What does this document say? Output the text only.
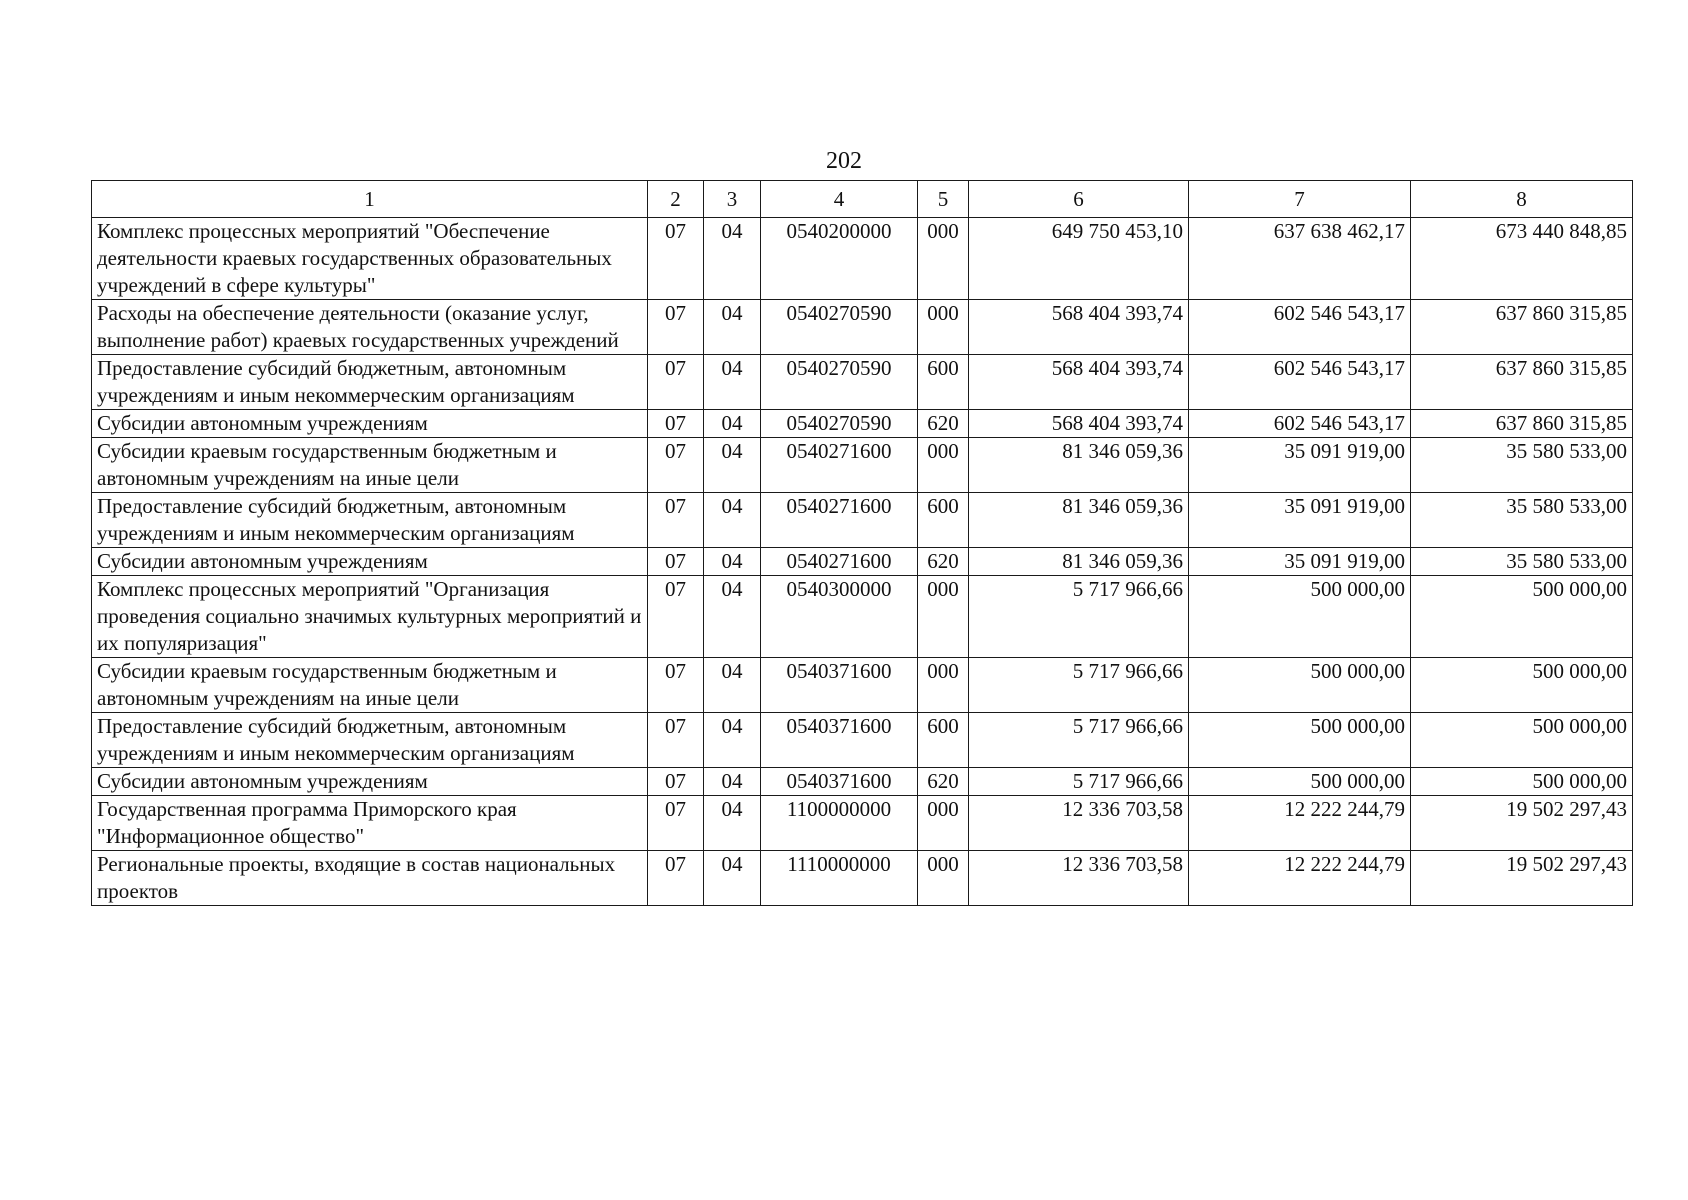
202
1	2	3	4	5	6	7	8
Комплекс процессных мероприятий "Обеспечение деятельности краевых государственных образовательных учреждений в сфере культуры"	07	04	0540200000	000	649 750 453,10	637 638 462,17	673 440 848,85
Расходы на обеспечение деятельности (оказание услуг, выполнение работ) краевых государственных учреждений	07	04	0540270590	000	568 404 393,74	602 546 543,17	637 860 315,85
Предоставление субсидий бюджетным, автономным учреждениям и иным некоммерческим организациям	07	04	0540270590	600	568 404 393,74	602 546 543,17	637 860 315,85
Субсидии автономным учреждениям	07	04	0540270590	620	568 404 393,74	602 546 543,17	637 860 315,85
Субсидии краевым государственным бюджетным и автономным учреждениям на иные цели	07	04	0540271600	000	81 346 059,36	35 091 919,00	35 580 533,00
Предоставление субсидий бюджетным, автономным учреждениям и иным некоммерческим организациям	07	04	0540271600	600	81 346 059,36	35 091 919,00	35 580 533,00
Субсидии автономным учреждениям	07	04	0540271600	620	81 346 059,36	35 091 919,00	35 580 533,00
Комплекс процессных мероприятий "Организация проведения социально значимых культурных мероприятий и их популяризация"	07	04	0540300000	000	5 717 966,66	500 000,00	500 000,00
Субсидии краевым государственным бюджетным и автономным учреждениям на иные цели	07	04	0540371600	000	5 717 966,66	500 000,00	500 000,00
Предоставление субсидий бюджетным, автономным учреждениям и иным некоммерческим организациям	07	04	0540371600	600	5 717 966,66	500 000,00	500 000,00
Субсидии автономным учреждениям	07	04	0540371600	620	5 717 966,66	500 000,00	500 000,00
Государственная программа Приморского края "Информационное общество"	07	04	1100000000	000	12 336 703,58	12 222 244,79	19 502 297,43
Региональные проекты, входящие в состав национальных проектов	07	04	1110000000	000	12 336 703,58	12 222 244,79	19 502 297,43
